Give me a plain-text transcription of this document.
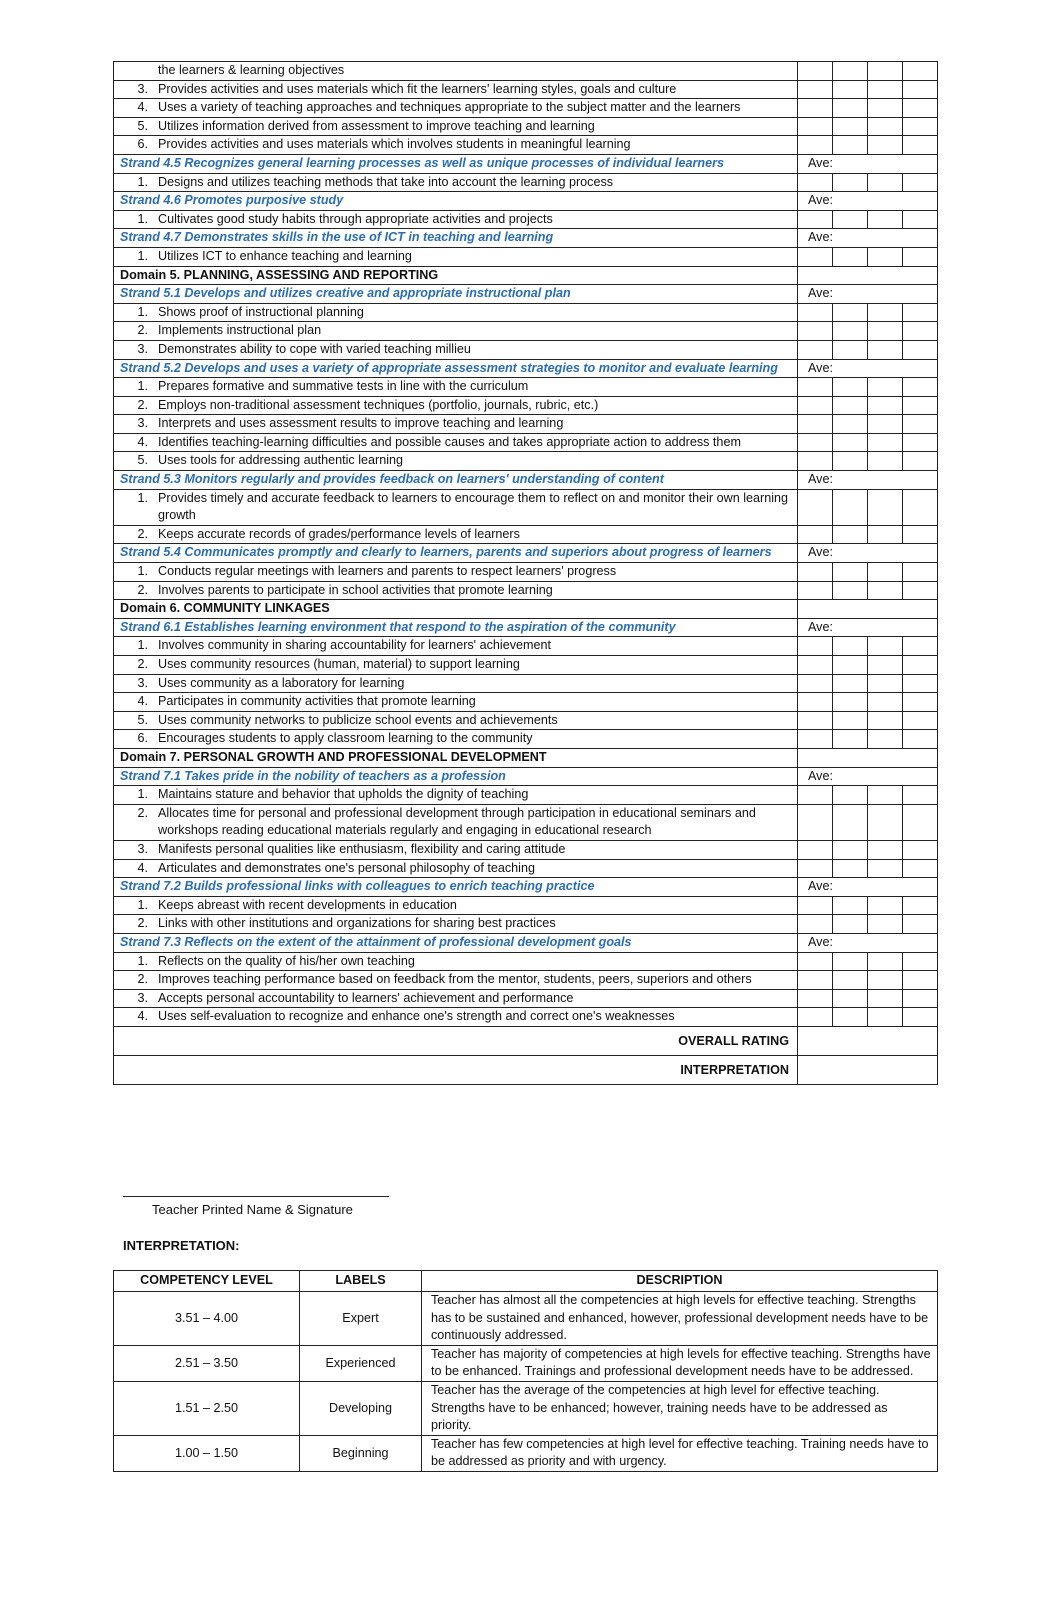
the learners & learning objectives				

3. Provides activities and uses materials which fit the learners' learning styles, goals and culture				

4. Uses a variety of teaching approaches and techniques appropriate to the subject matter and the learners				

5. Utilizes information derived from assessment to improve teaching and learning				

6. Provides activities and uses materials which involves students in meaningful learning				

Strand 4.5 Recognizes general learning processes as well as unique processes of individual learners	Ave:			

1. Designs and utilizes teaching methods that take into account the learning process				

Strand 4.6 Promotes purposive study	Ave:			

1. Cultivates good study habits through appropriate activities and projects				

Strand 4.7 Demonstrates skills in the use of ICT in teaching and learning	Ave:			

1. Utilizes ICT to enhance teaching and learning				

Domain 5. PLANNING, ASSESSING AND REPORTING				
Strand 5.1 Develops and utilizes creative and appropriate instructional plan	Ave:			

1. Shows proof of instructional planning				

2. Implements instructional plan				

3. Demonstrates ability to cope with varied teaching millieu				

Strand 5.2 Develops and uses a variety of appropriate assessment strategies to monitor and evaluate learning	Ave:			

1. Prepares formative and summative tests in line with the curriculum				

2. Employs non-traditional assessment techniques (portfolio, journals, rubric, etc.)				

3. Interprets and uses assessment results to improve teaching and learning				

4. Identifies teaching-learning difficulties and possible causes and takes appropriate action to address them				

5. Uses tools for addressing authentic learning				

Strand 5.3 Monitors regularly and provides feedback on learners' understanding of content	Ave:			

1. Provides timely and accurate feedback to learners to encourage them to reflect on and monitor their own learning growth				

2. Keeps accurate records of grades/performance levels of learners				

Strand 5.4 Communicates promptly and clearly to learners, parents and superiors about progress of learners	Ave:			

1. Conducts regular meetings with learners and parents to respect learners' progress				

2. Involves parents to participate in school activities that promote learning				

Domain 6. COMMUNITY LINKAGES				
Strand 6.1 Establishes learning environment that respond to the aspiration of the community	Ave:			

1. Involves community in sharing accountability for learners' achievement				

2. Uses community resources (human, material) to support learning				

3. Uses community as a laboratory for learning				

4. Participates in community activities that promote learning				

5. Uses community networks to publicize school events and achievements				

6. Encourages students to apply classroom learning to the community				

Domain 7. PERSONAL GROWTH AND PROFESSIONAL DEVELOPMENT				
Strand 7.1 Takes pride in the nobility of teachers as a profession	Ave:			

1. Maintains stature and behavior that upholds the dignity of teaching				

2. Allocates time for personal and professional development through participation in educational seminars and workshops reading educational materials regularly and engaging in educational research				

3. Manifests personal qualities like enthusiasm, flexibility and caring attitude				

4. Articulates and demonstrates one's personal philosophy of teaching				

Strand 7.2 Builds professional links with colleagues to enrich teaching practice	Ave:			

1. Keeps abreast with recent developments in education				

2. Links with other institutions and organizations for sharing best practices				

Strand 7.3 Reflects on the extent of the attainment of professional development goals	Ave:			

1. Reflects on the quality of his/her own teaching				

2. Improves teaching performance based on feedback from the mentor, students, peers, superiors and others				

3. Accepts personal accountability to learners' achievement and performance				

4. Uses self-evaluation to recognize and enhance one's strength and correct one's weaknesses				

OVERALL RATING				
INTERPRETATION				
Teacher Printed Name & Signature
INTERPRETATION:
COMPETENCY LEVEL	LABELS	DESCRIPTION
3.51 – 4.00	Expert	Teacher has almost all the competencies at high levels for effective teaching. Strengths has to be sustained and enhanced, however, professional development needs have to be continuously addressed.
2.51 – 3.50	Experienced	Teacher has majority of competencies at high levels for effective teaching. Strengths have to be enhanced. Trainings and professional development needs have to be addressed.
1.51 – 2.50	Developing	Teacher has the average of the competencies at high level for effective teaching. Strengths have to be enhanced; however, training needs have to be addressed as priority.
1.00 – 1.50	Beginning	Teacher has few competencies at high level for effective teaching. Training needs have to be addressed as priority and with urgency.
